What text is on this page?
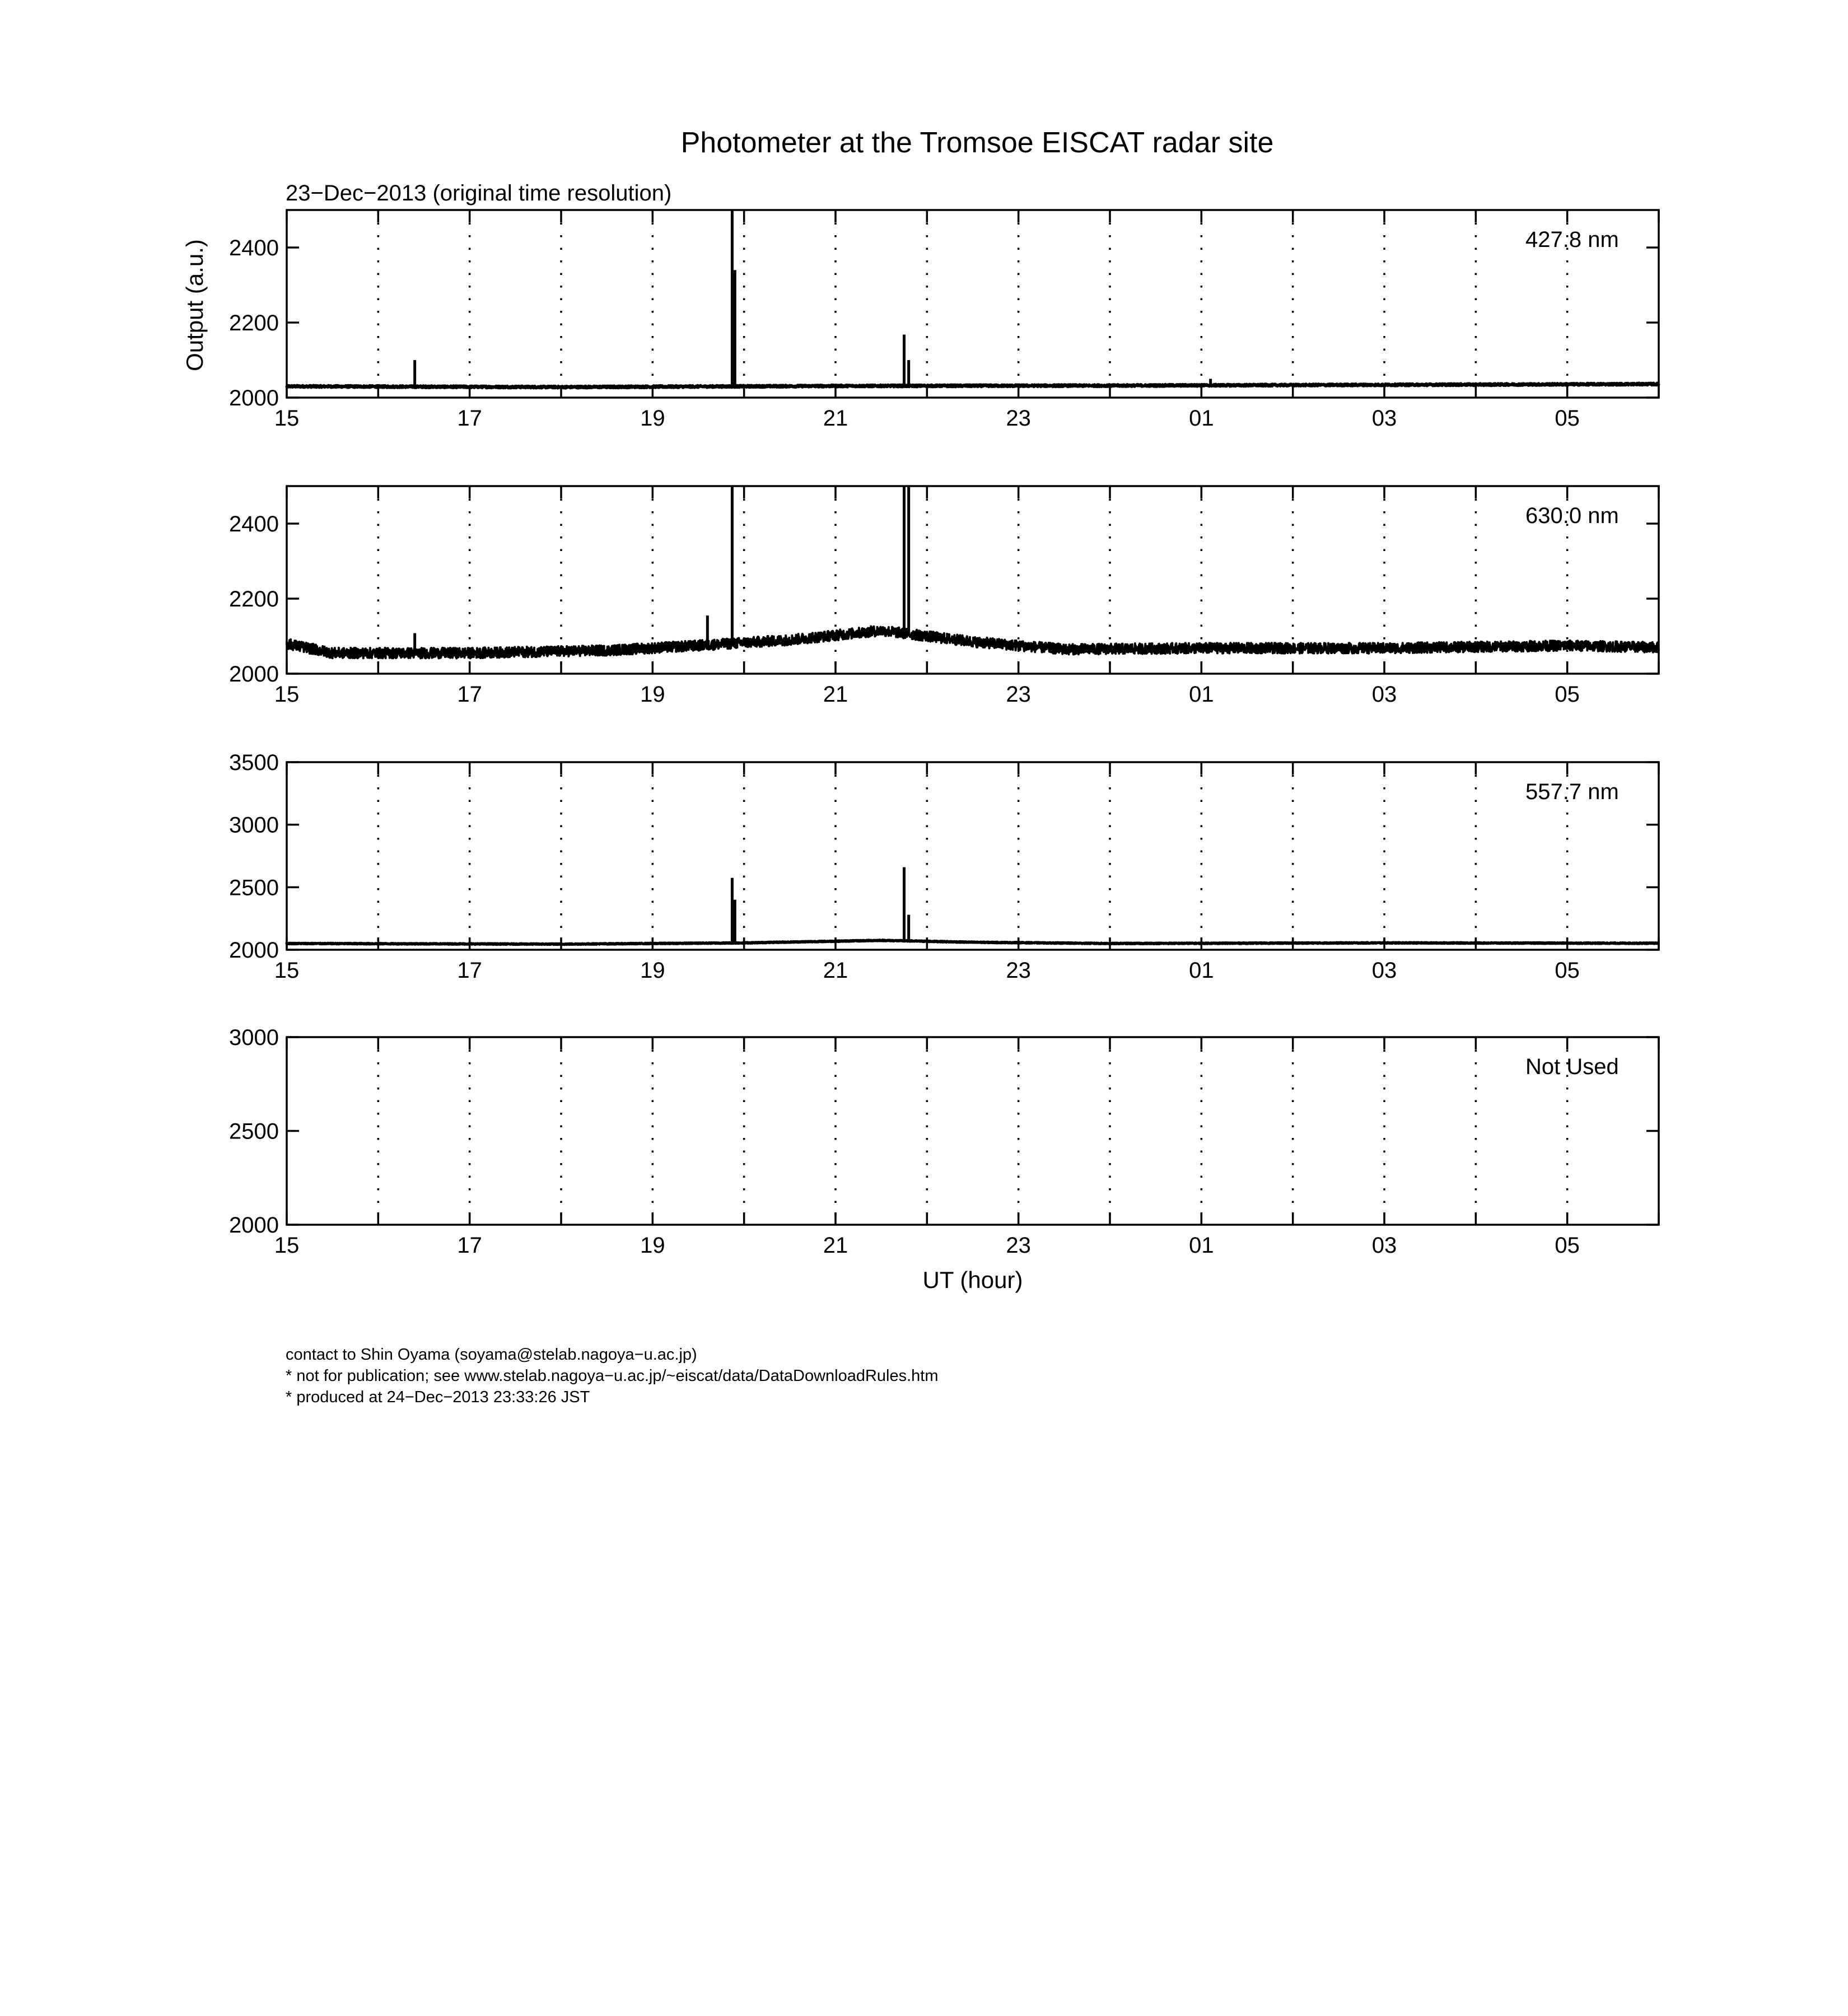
Photometer at the Tromsoe EISCAT radar site
23−Dec−2013 (original time resolution)
Output (a.u.)
UT (hour)
15	17	19	21	23	01	03	05
2000
2200
2400	427.8 nm
15	17	19	21	23	01	03	05
2000
2200
2400	630.0 nm
15	17	19	21	23	01	03	05
2000
2500
3000
3500
557.7 nm
15	17	19	21	23	01	03	05
2000
2500
3000
Not Used
contact to Shin Oyama (soyama@stelab.nagoya−u.ac.jp)
* not for publication; see www.stelab.nagoya−u.ac.jp/~eiscat/data/DataDownloadRules.htm
* produced at 24−Dec−2013 23:33:26 JST
